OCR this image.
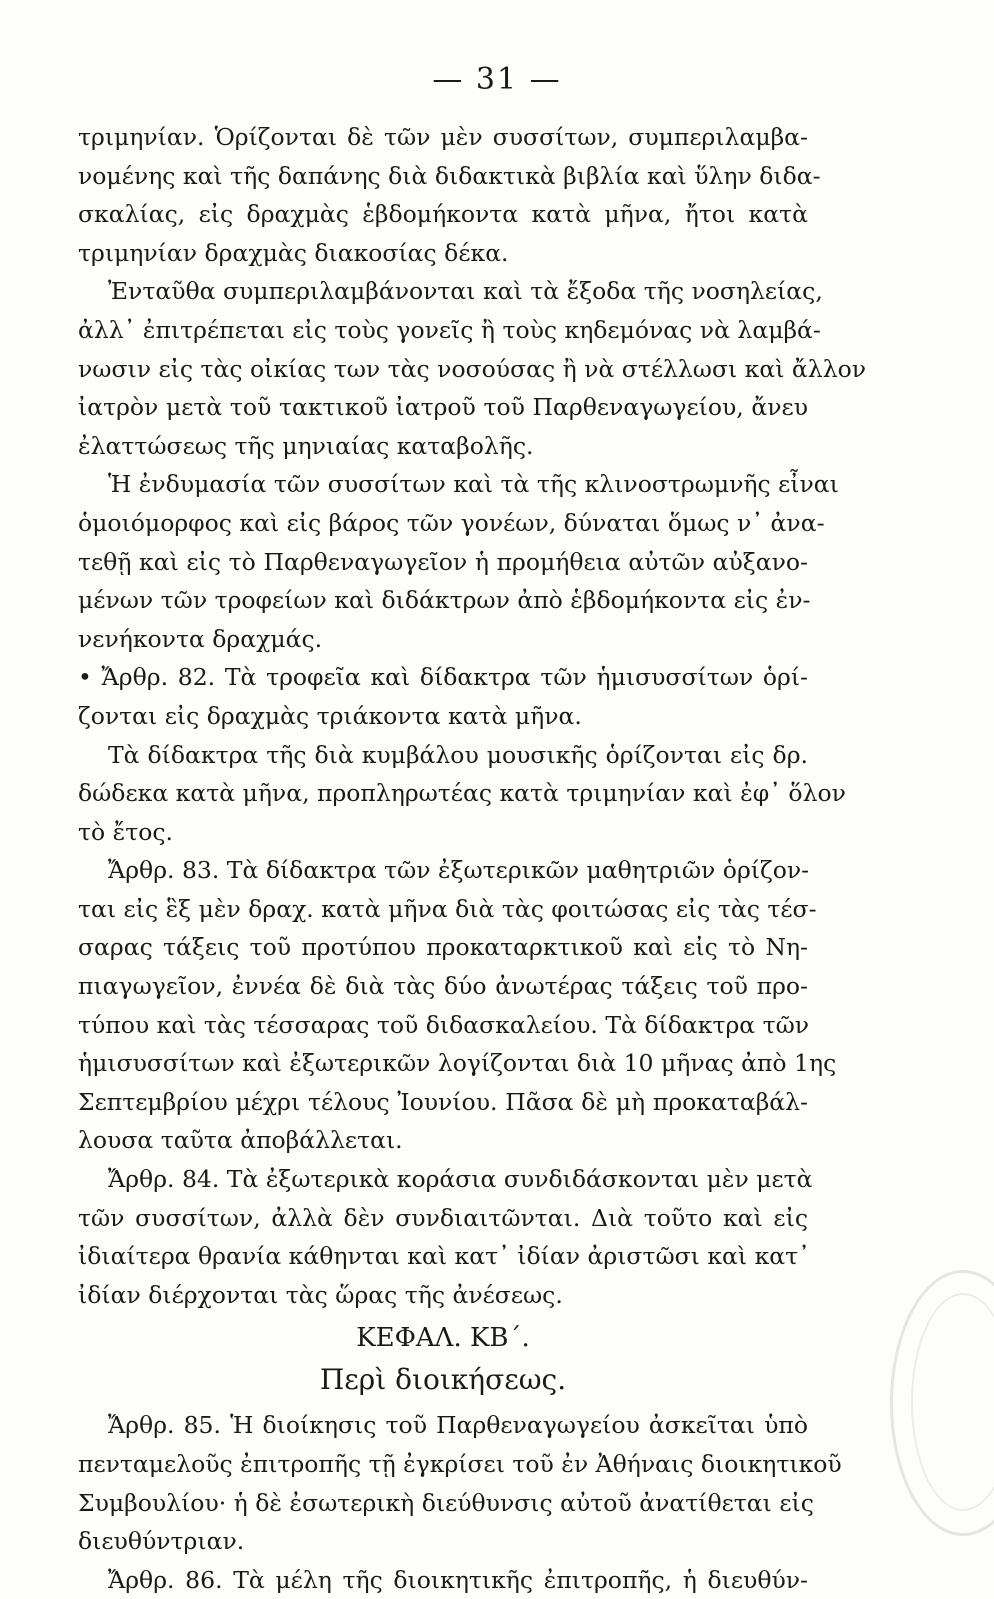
— 31 —
τριμηνίαν. Ὁρίζονται δὲ τῶν μὲν συσσίτων, συμπεριλαμβα-
νομένης καὶ τῆς δαπάνης διὰ διδακτικὰ βιβλία καὶ ὕλην διδα-
σκαλίας, εἰς δραχμὰς ἑβδομήκοντα κατὰ μῆνα, ἤτοι κατὰ
τριμηνίαν δραχμὰς διακοσίας δέκα.
Ἐνταῦθα συμπεριλαμβάνονται καὶ τὰ ἔξοδα τῆς νοσηλείας,
ἀλλ᾽ ἐπιτρέπεται εἰς τοὺς γονεῖς ἢ τοὺς κηδεμόνας νὰ λαμβά-
νωσιν εἰς τὰς οἰκίας των τὰς νοσούσας ἢ νὰ στέλλωσι καὶ ἄλλον
ἰατρὸν μετὰ τοῦ τακτικοῦ ἰατροῦ τοῦ Παρθεναγωγείου, ἄνευ
ἐλαττώσεως τῆς μηνιαίας καταβολῆς.
Ἡ ἐνδυμασία τῶν συσσίτων καὶ τὰ τῆς κλινοστρωμνῆς εἶναι
ὁμοιόμορφος καὶ εἰς βάρος τῶν γονέων, δύναται ὅμως ν᾽ ἀνα-
τεθῇ καὶ εἰς τὸ Παρθεναγωγεῖον ἡ προμήθεια αὐτῶν αὐξανο-
μένων τῶν τροφείων καὶ διδάκτρων ἀπὸ ἑβδομήκοντα εἰς ἐν-
νενήκοντα δραχμάς.
• Ἄρθρ. 82. Τὰ τροφεῖα καὶ δίδακτρα τῶν ἡμισυσσίτων ὁρί-
ζονται εἰς δραχμὰς τριάκοντα κατὰ μῆνα.
Τὰ δίδακτρα τῆς διὰ κυμβάλου μουσικῆς ὁρίζονται εἰς δρ.
δώδεκα κατὰ μῆνα, προπληρωτέας κατὰ τριμηνίαν καὶ ἐφ᾽ ὅλον
τὸ ἔτος.
Ἄρθρ. 83. Τὰ δίδακτρα τῶν ἐξωτερικῶν μαθητριῶν ὁρίζον-
ται εἰς ἓξ μὲν δραχ. κατὰ μῆνα διὰ τὰς φοιτώσας εἰς τὰς τέσ-
σαρας τάξεις τοῦ προτύπου προκαταρκτικοῦ καὶ εἰς τὸ Νη-
πιαγωγεῖον, ἐννέα δὲ διὰ τὰς δύο ἀνωτέρας τάξεις τοῦ προ-
τύπου καὶ τὰς τέσσαρας τοῦ διδασκαλείου. Τὰ δίδακτρα τῶν
ἡμισυσσίτων καὶ ἐξωτερικῶν λογίζονται διὰ 10 μῆνας ἀπὸ 1ης
Σεπτεμβρίου μέχρι τέλους Ἰουνίου. Πᾶσα δὲ μὴ προκαταβάλ-
λουσα ταῦτα ἀποβάλλεται.
Ἄρθρ. 84. Τὰ ἐξωτερικὰ κοράσια συνδιδάσκονται μὲν μετὰ
τῶν συσσίτων, ἀλλὰ δὲν συνδιαιτῶνται. Διὰ τοῦτο καὶ εἰς
ἰδιαίτερα θρανία κάθηνται καὶ κατ᾽ ἰδίαν ἀριστῶσι καὶ κατ᾽
ἰδίαν διέρχονται τὰς ὥρας τῆς ἀνέσεως.
ΚΕΦΑΛ. ΚΒ΄.
Περὶ διοικήσεως.
Ἄρθρ. 85. Ἡ διοίκησις τοῦ Παρθεναγωγείου ἀσκεῖται ὑπὸ
πενταμελοῦς ἐπιτροπῆς τῇ ἐγκρίσει τοῦ ἐν Ἀθήναις διοικητικοῦ
Συμβουλίου· ἡ δὲ ἐσωτερικὴ διεύθυνσις αὐτοῦ ἀνατίθεται εἰς
διευθύντριαν.
Ἄρθρ. 86. Τὰ μέλη τῆς διοικητικῆς ἐπιτροπῆς, ἡ διευθύν-
